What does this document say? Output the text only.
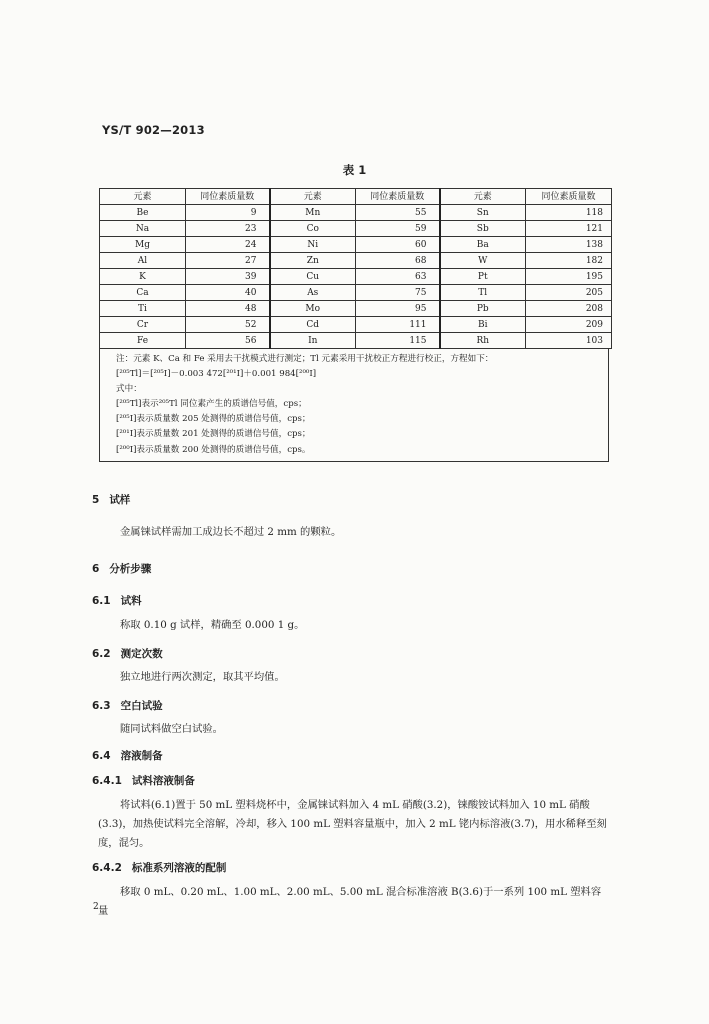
YS/T 902—2013
表 1
元素	同位素质量数	元素	同位素质量数	元素	同位素质量数
Be	9	Mn	55	Sn	118
Na	23	Co	59	Sb	121
Mg	24	Ni	60	Ba	138
Al	27	Zn	68	W	182
K	39	Cu	63	Pt	195
Ca	40	As	75	Tl	205
Ti	48	Mo	95	Pb	208
Cr	52	Cd	111	Bi	209
Fe	56	In	115	Rh	103
注：元素 K、Ca 和 Fe 采用去干扰模式进行测定；Tl 元素采用干扰校正方程进行校正，方程如下：
[²⁰⁵Tl]＝[²⁰⁵I]－0.003 472[²⁰¹I]＋0.001 984[²⁰⁰I]
式中：
[²⁰⁵Tl]表示²⁰⁵Tl 同位素产生的质谱信号值，cps；
[²⁰⁵I]表示质量数 205 处测得的质谱信号值，cps；
[²⁰¹I]表示质量数 201 处测得的质谱信号值，cps；
[²⁰⁰I]表示质量数 200 处测得的质谱信号值，cps。
5 试样
金属铼试样需加工成边长不超过 2 mm 的颗粒。
6 分析步骤
6.1 试料
称取 0.10 g 试样，精确至 0.000 1 g。
6.2 测定次数
独立地进行两次测定，取其平均值。
6.3 空白试验
随同试料做空白试验。
6.4 溶液制备
6.4.1 试料溶液制备
将试料(6.1)置于 50 mL 塑料烧杯中，金属铼试料加入 4 mL 硝酸(3.2)，铼酸铵试料加入 10 mL 硝酸(3.3)，加热使试料完全溶解，冷却，移入 100 mL 塑料容量瓶中，加入 2 mL 铑内标溶液(3.7)，用水稀释至刻度，混匀。
6.4.2 标准系列溶液的配制
移取 0 mL、0.20 mL、1.00 mL、2.00 mL、5.00 mL 混合标准溶液 B(3.6)于一系列 100 mL 塑料容量
2
